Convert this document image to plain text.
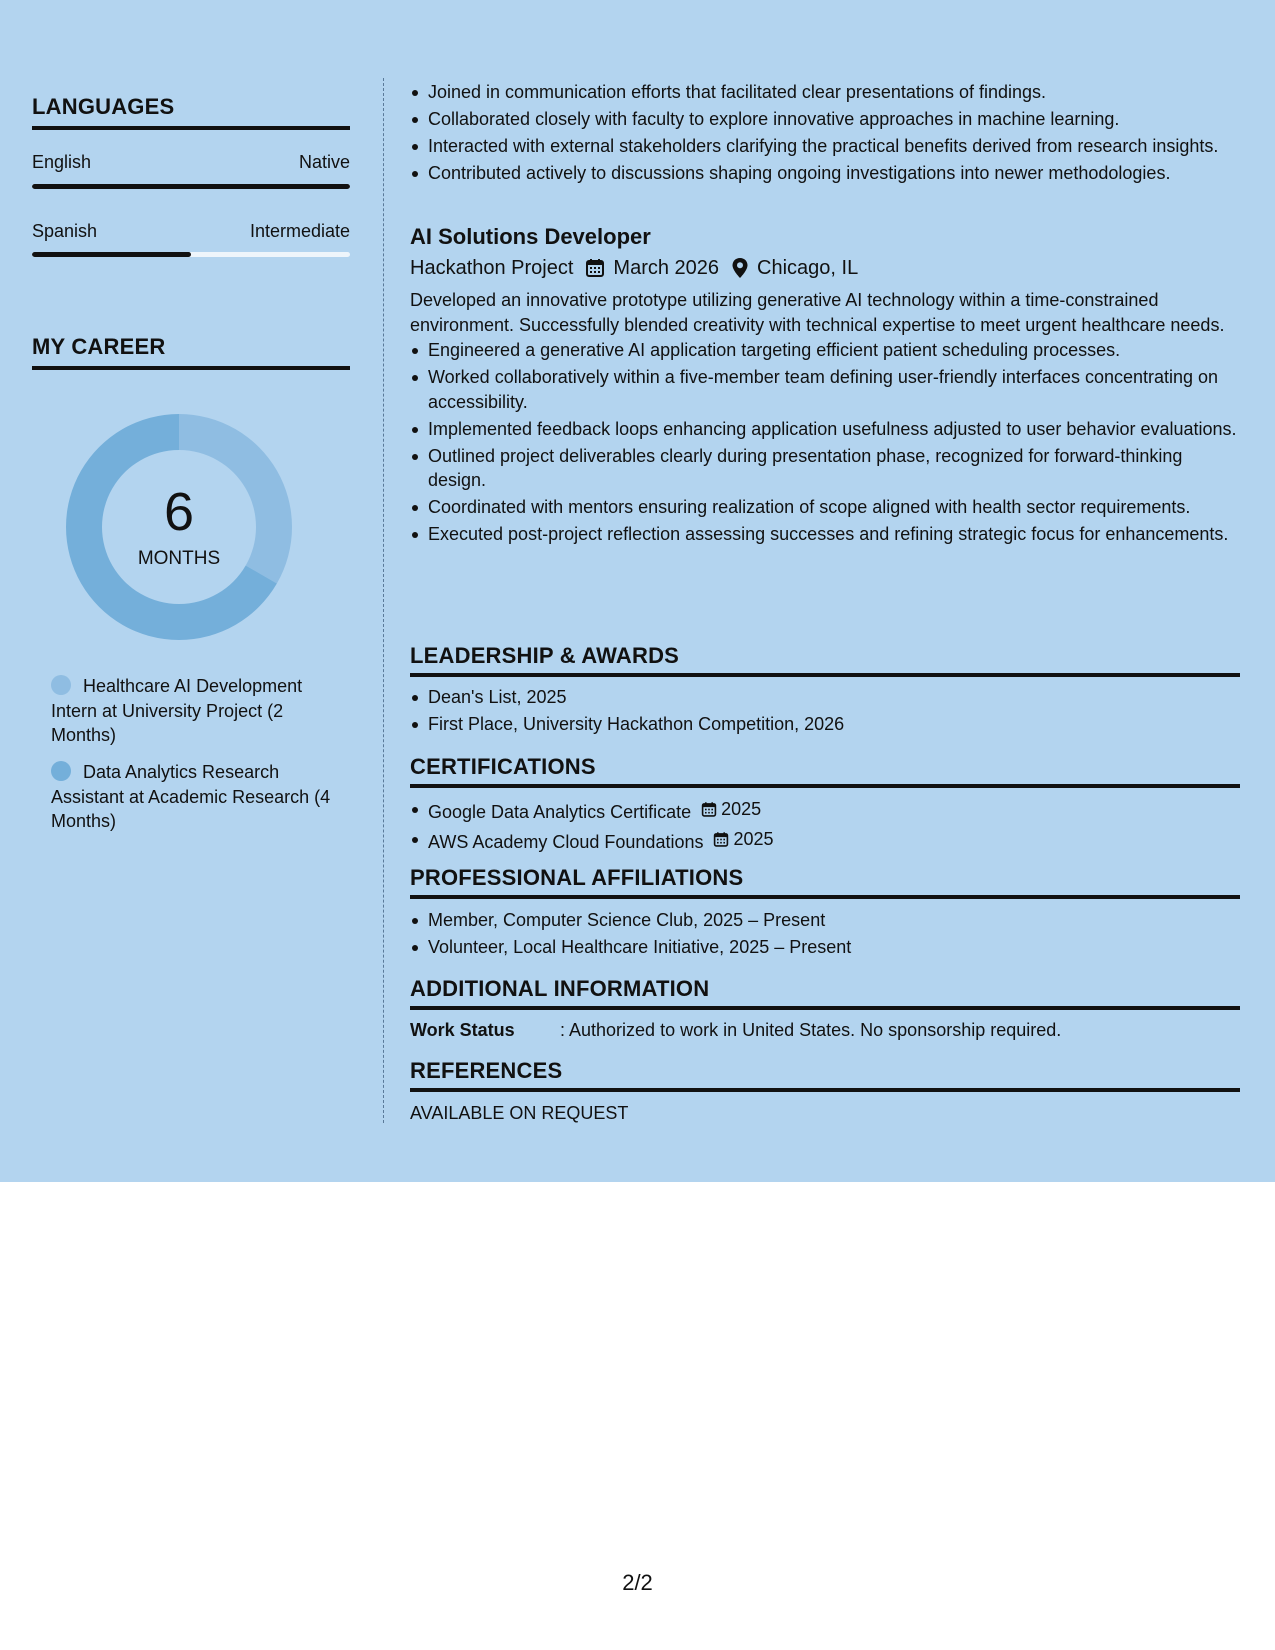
LANGUAGES
English	Native
Spanish	Intermediate
MY CAREER
6
MONTHS
Healthcare AI Development Intern at University Project (2 Months)
Data Analytics Research Assistant at Academic Research (4 Months)
Joined in communication efforts that facilitated clear presentations of findings.
Collaborated closely with faculty to explore innovative approaches in machine learning.
Interacted with external stakeholders clarifying the practical benefits derived from research insights.
Contributed actively to discussions shaping ongoing investigations into newer methodologies.
AI Solutions Developer
Hackathon Project March 2026 Chicago, IL
Developed an innovative prototype utilizing generative AI technology within a time-constrained environment. Successfully blended creativity with technical expertise to meet urgent healthcare needs.
Engineered a generative AI application targeting efficient patient scheduling processes.
Worked collaboratively within a five-member team defining user-friendly interfaces concentrating on accessibility.
Implemented feedback loops enhancing application usefulness adjusted to user behavior evaluations.
Outlined project deliverables clearly during presentation phase, recognized for forward-thinking design.
Coordinated with mentors ensuring realization of scope aligned with health sector requirements.
Executed post-project reflection assessing successes and refining strategic focus for enhancements.
LEADERSHIP & AWARDS
Dean's List, 2025
First Place, University Hackathon Competition, 2026
CERTIFICATIONS
Google Data Analytics Certificate 2025
AWS Academy Cloud Foundations 2025
PROFESSIONAL AFFILIATIONS
Member, Computer Science Club, 2025 – Present
Volunteer, Local Healthcare Initiative, 2025 – Present
ADDITIONAL INFORMATION
Work Status	: Authorized to work in United States. No sponsorship required.
REFERENCES
AVAILABLE ON REQUEST
2/2
